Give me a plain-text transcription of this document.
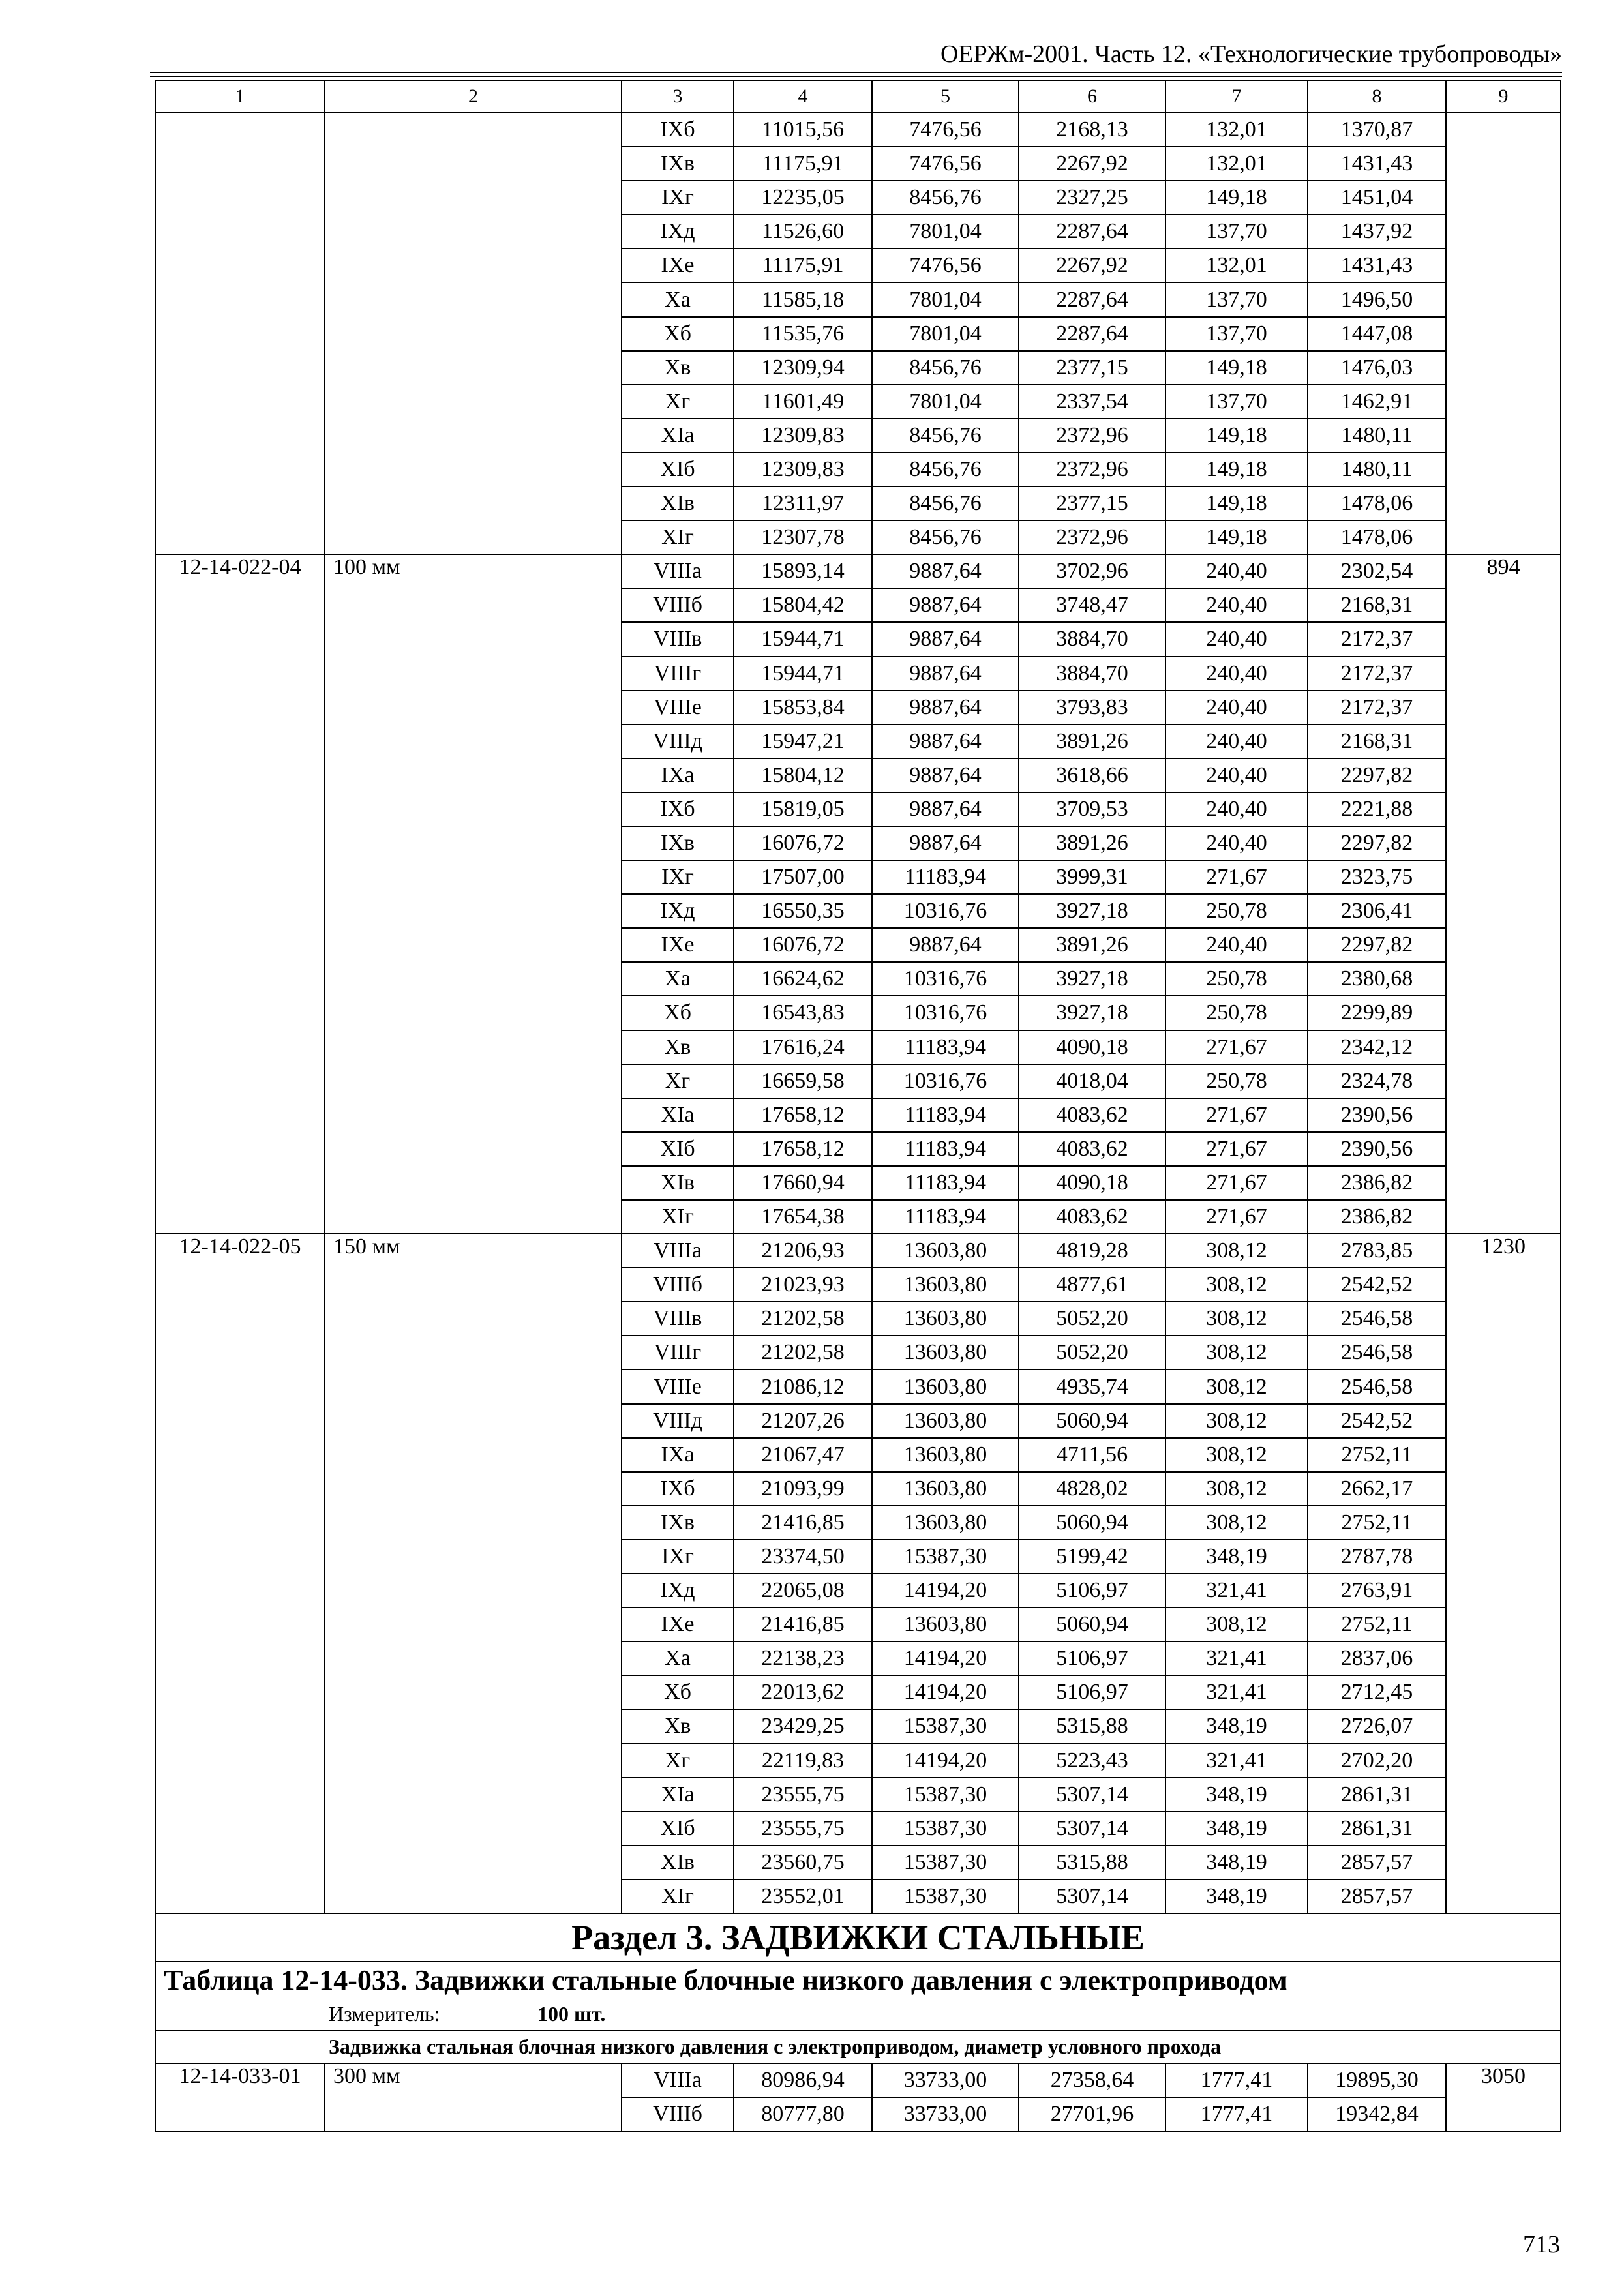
ОЕРЖм-2001. Часть 12. «Технологические трубопроводы»
1	2	3	4	5	6	7	8	9
		IXб	11015,56	7476,56	2168,13	132,01	1370,87	
		IXв	11175,91	7476,56	2267,92	132,01	1431,43	
		IXг	12235,05	8456,76	2327,25	149,18	1451,04	
		IXд	11526,60	7801,04	2287,64	137,70	1437,92	
		IXе	11175,91	7476,56	2267,92	132,01	1431,43	
		Xа	11585,18	7801,04	2287,64	137,70	1496,50	
		Xб	11535,76	7801,04	2287,64	137,70	1447,08	
		Xв	12309,94	8456,76	2377,15	149,18	1476,03	
		Xг	11601,49	7801,04	2337,54	137,70	1462,91	
		XIа	12309,83	8456,76	2372,96	149,18	1480,11	
		XIб	12309,83	8456,76	2372,96	149,18	1480,11	
		XIв	12311,97	8456,76	2377,15	149,18	1478,06	
		XIг	12307,78	8456,76	2372,96	149,18	1478,06	
12-14-022-04	100 мм	VIIIа	15893,14	9887,64	3702,96	240,40	2302,54	894
		VIIIб	15804,42	9887,64	3748,47	240,40	2168,31	
		VIIIв	15944,71	9887,64	3884,70	240,40	2172,37	
		VIIIг	15944,71	9887,64	3884,70	240,40	2172,37	
		VIIIе	15853,84	9887,64	3793,83	240,40	2172,37	
		VIIIд	15947,21	9887,64	3891,26	240,40	2168,31	
		IXа	15804,12	9887,64	3618,66	240,40	2297,82	
		IXб	15819,05	9887,64	3709,53	240,40	2221,88	
		IXв	16076,72	9887,64	3891,26	240,40	2297,82	
		IXг	17507,00	11183,94	3999,31	271,67	2323,75	
		IXд	16550,35	10316,76	3927,18	250,78	2306,41	
		IXе	16076,72	9887,64	3891,26	240,40	2297,82	
		Xа	16624,62	10316,76	3927,18	250,78	2380,68	
		Xб	16543,83	10316,76	3927,18	250,78	2299,89	
		Xв	17616,24	11183,94	4090,18	271,67	2342,12	
		Xг	16659,58	10316,76	4018,04	250,78	2324,78	
		XIа	17658,12	11183,94	4083,62	271,67	2390,56	
		XIб	17658,12	11183,94	4083,62	271,67	2390,56	
		XIв	17660,94	11183,94	4090,18	271,67	2386,82	
		XIг	17654,38	11183,94	4083,62	271,67	2386,82	
12-14-022-05	150 мм	VIIIа	21206,93	13603,80	4819,28	308,12	2783,85	1230
		VIIIб	21023,93	13603,80	4877,61	308,12	2542,52	
		VIIIв	21202,58	13603,80	5052,20	308,12	2546,58	
		VIIIг	21202,58	13603,80	5052,20	308,12	2546,58	
		VIIIе	21086,12	13603,80	4935,74	308,12	2546,58	
		VIIIд	21207,26	13603,80	5060,94	308,12	2542,52	
		IXа	21067,47	13603,80	4711,56	308,12	2752,11	
		IXб	21093,99	13603,80	4828,02	308,12	2662,17	
		IXв	21416,85	13603,80	5060,94	308,12	2752,11	
		IXг	23374,50	15387,30	5199,42	348,19	2787,78	
		IXд	22065,08	14194,20	5106,97	321,41	2763,91	
		IXе	21416,85	13603,80	5060,94	308,12	2752,11	
		Xа	22138,23	14194,20	5106,97	321,41	2837,06	
		Xб	22013,62	14194,20	5106,97	321,41	2712,45	
		Xв	23429,25	15387,30	5315,88	348,19	2726,07	
		Xг	22119,83	14194,20	5223,43	321,41	2702,20	
		XIа	23555,75	15387,30	5307,14	348,19	2861,31	
		XIб	23555,75	15387,30	5307,14	348,19	2861,31	
		XIв	23560,75	15387,30	5315,88	348,19	2857,57	
		XIг	23552,01	15387,30	5307,14	348,19	2857,57	
Раздел 3. ЗАДВИЖКИ СТАЛЬНЫЕ								
Таблица 12-14-033. Задвижки стальные блочные низкого давления с электроприводом								
Измеритель: 100 шт.								
Задвижка стальная блочная низкого давления с электроприводом, диаметр условного прохода								
12-14-033-01	300 мм	VIIIа	80986,94	33733,00	27358,64	1777,41	19895,30	3050
		VIIIб	80777,80	33733,00	27701,96	1777,41	19342,84	
713
